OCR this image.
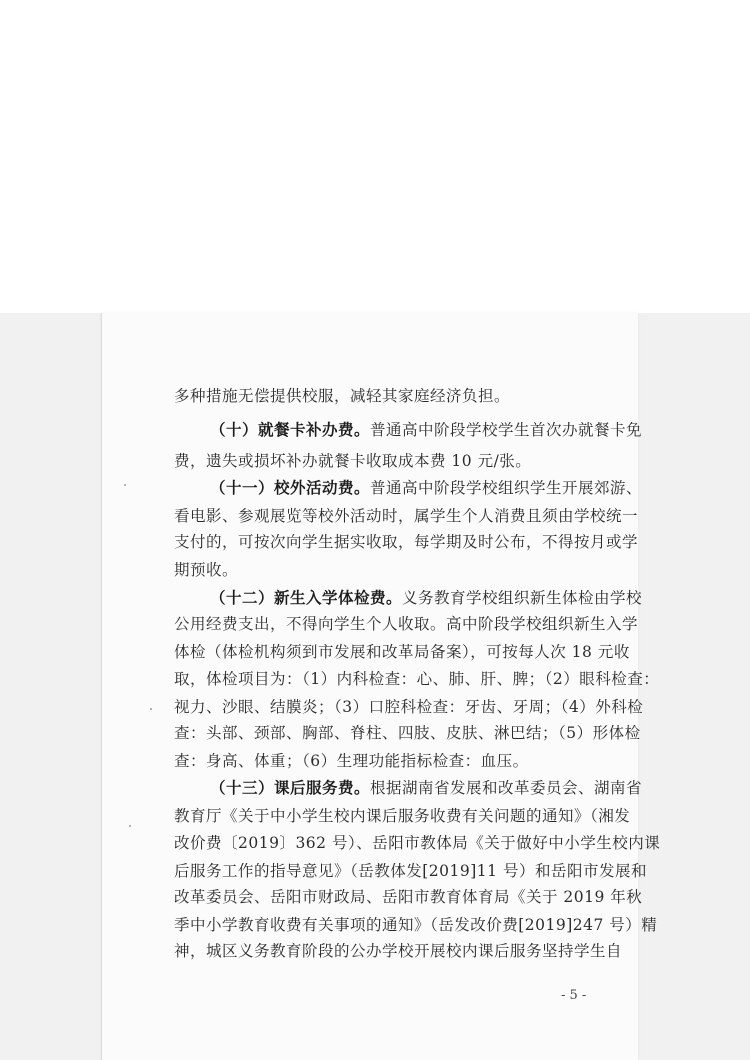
多种措施无偿提供校服，减轻其家庭经济负担。
（十）就餐卡补办费。普通高中阶段学校学生首次办就餐卡免
费，遗失或损坏补办就餐卡收取成本费 10 元/张。
（十一）校外活动费。普通高中阶段学校组织学生开展郊游、
看电影、参观展览等校外活动时，属学生个人消费且须由学校统一
支付的，可按次向学生据实收取，每学期及时公布，不得按月或学
期预收。
（十二）新生入学体检费。义务教育学校组织新生体检由学校
公用经费支出，不得向学生个人收取。高中阶段学校组织新生入学
体检（体检机构须到市发展和改革局备案），可按每人次 18 元收
取，体检项目为：（1）内科检查：心、肺、肝、脾；（2）眼科检查：
视力、沙眼、结膜炎；（3）口腔科检查：牙齿、牙周；（4）外科检
查：头部、颈部、胸部、脊柱、四肢、皮肤、淋巴结；（5）形体检
查：身高、体重；（6）生理功能指标检查：血压。
（十三）课后服务费。根据湖南省发展和改革委员会、湖南省
教育厅《关于中小学生校内课后服务收费有关问题的通知》（湘发
改价费〔2019〕362 号）、岳阳市教体局《关于做好中小学生校内课
后服务工作的指导意见》（岳教体发[2019]11 号）和岳阳市发展和
改革委员会、岳阳市财政局、岳阳市教育体育局《关于 2019 年秋
季中小学教育收费有关事项的通知》（岳发改价费[2019]247 号）精
神，城区义务教育阶段的公办学校开展校内课后服务坚持学生自
- 5 -
